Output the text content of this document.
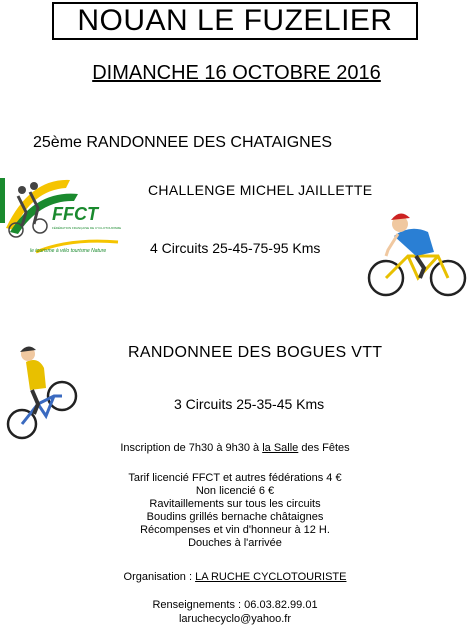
NOUAN LE FUZELIER
DIMANCHE 16 OCTOBRE 2016
25ème RANDONNEE DES CHATAIGNES
FFCT
FÉDÉRATION FRANÇAISE DE CYCLOTOURISME
le tourisme à vélo tourisme Nature
CHALLENGE MICHEL JAILLETTE
4 Circuits 25-45-75-95 Kms
RANDONNEE DES BOGUES VTT
3 Circuits 25-35-45 Kms
Inscription de 7h30 à 9h30 à la Salle des Fêtes
Tarif licencié FFCT et autres fédérations 4 €
Non licencié 6 €
Ravitaillements sur tous les circuits
Boudins grillés bernache châtaignes
Récompenses et vin d'honneur à 12 H.
Douches à l'arrivée
Organisation : LA RUCHE CYCLOTOURISTE
Renseignements : 06.03.82.99.01
laruchecyclo@yahoo.fr
